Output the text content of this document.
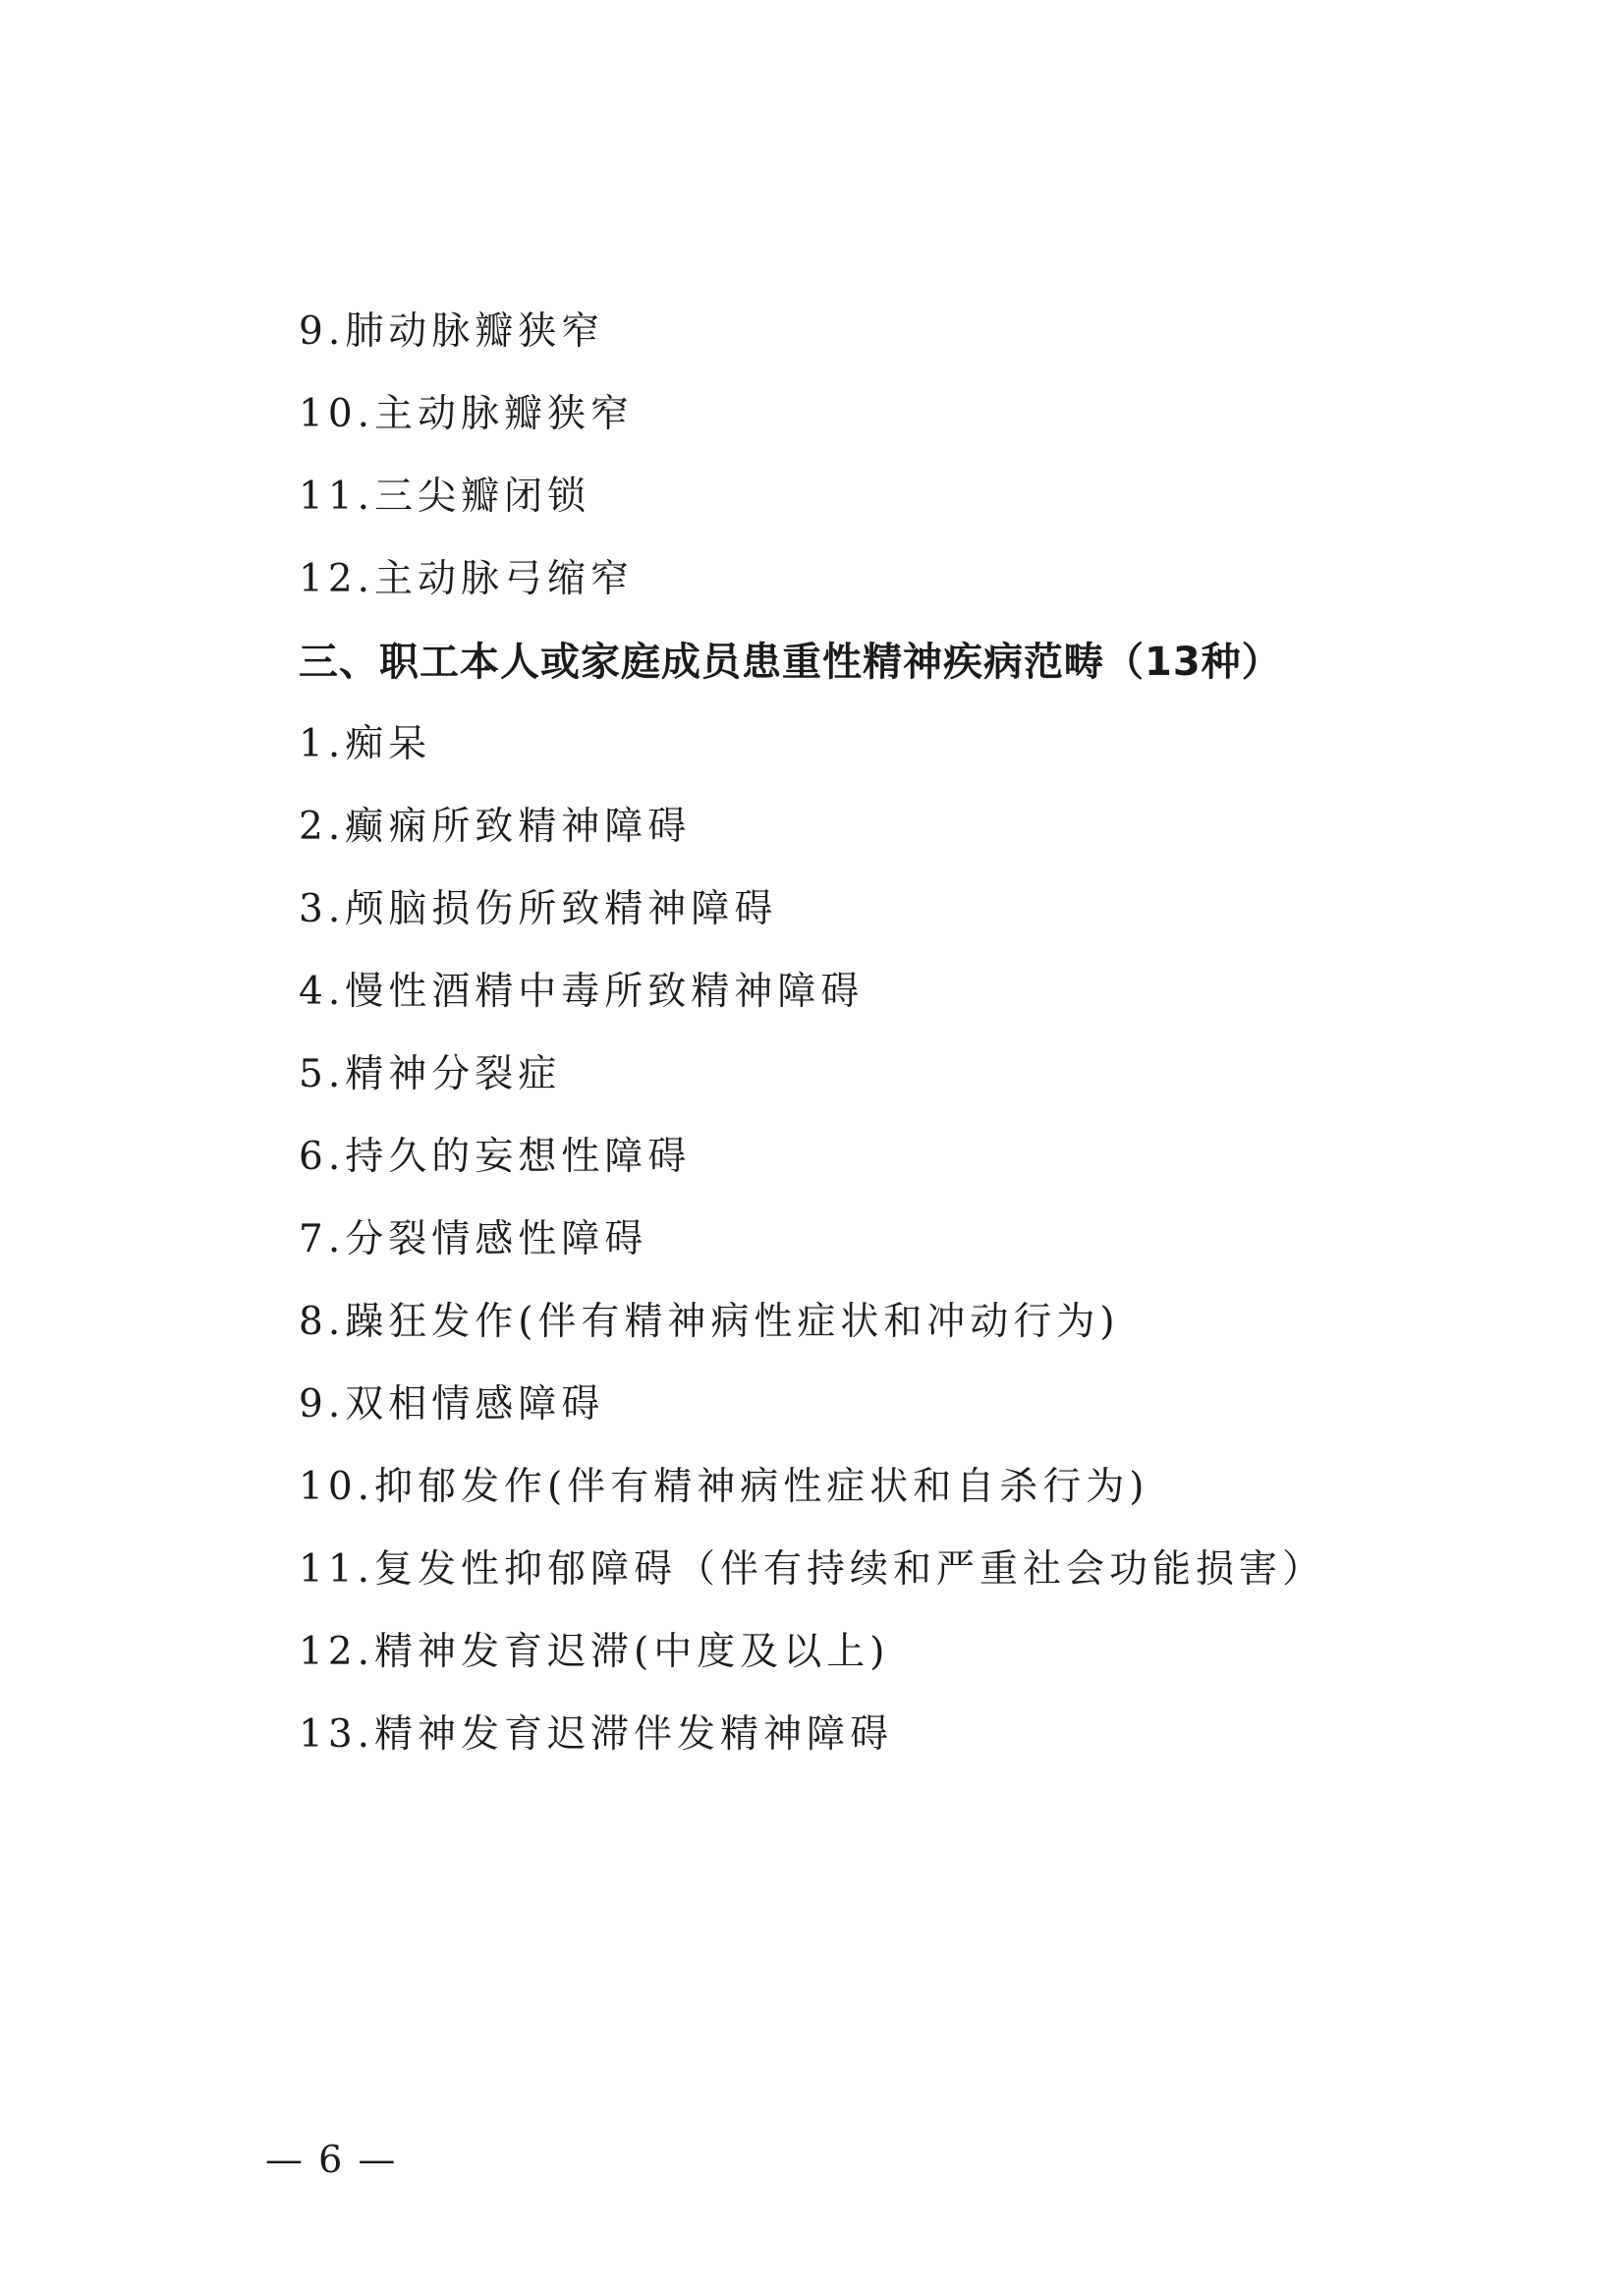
9.肺动脉瓣狭窄
10.主动脉瓣狭窄
11.三尖瓣闭锁
12.主动脉弓缩窄
三、职工本人或家庭成员患重性精神疾病范畴（13种）
1.痴呆
2.癫痫所致精神障碍
3.颅脑损伤所致精神障碍
4.慢性酒精中毒所致精神障碍
5.精神分裂症
6.持久的妄想性障碍
7.分裂情感性障碍
8.躁狂发作(伴有精神病性症状和冲动行为)
9.双相情感障碍
10.抑郁发作(伴有精神病性症状和自杀行为)
11.复发性抑郁障碍（伴有持续和严重社会功能损害）
12.精神发育迟滞(中度及以上)
13.精神发育迟滞伴发精神障碍
— 6 —
